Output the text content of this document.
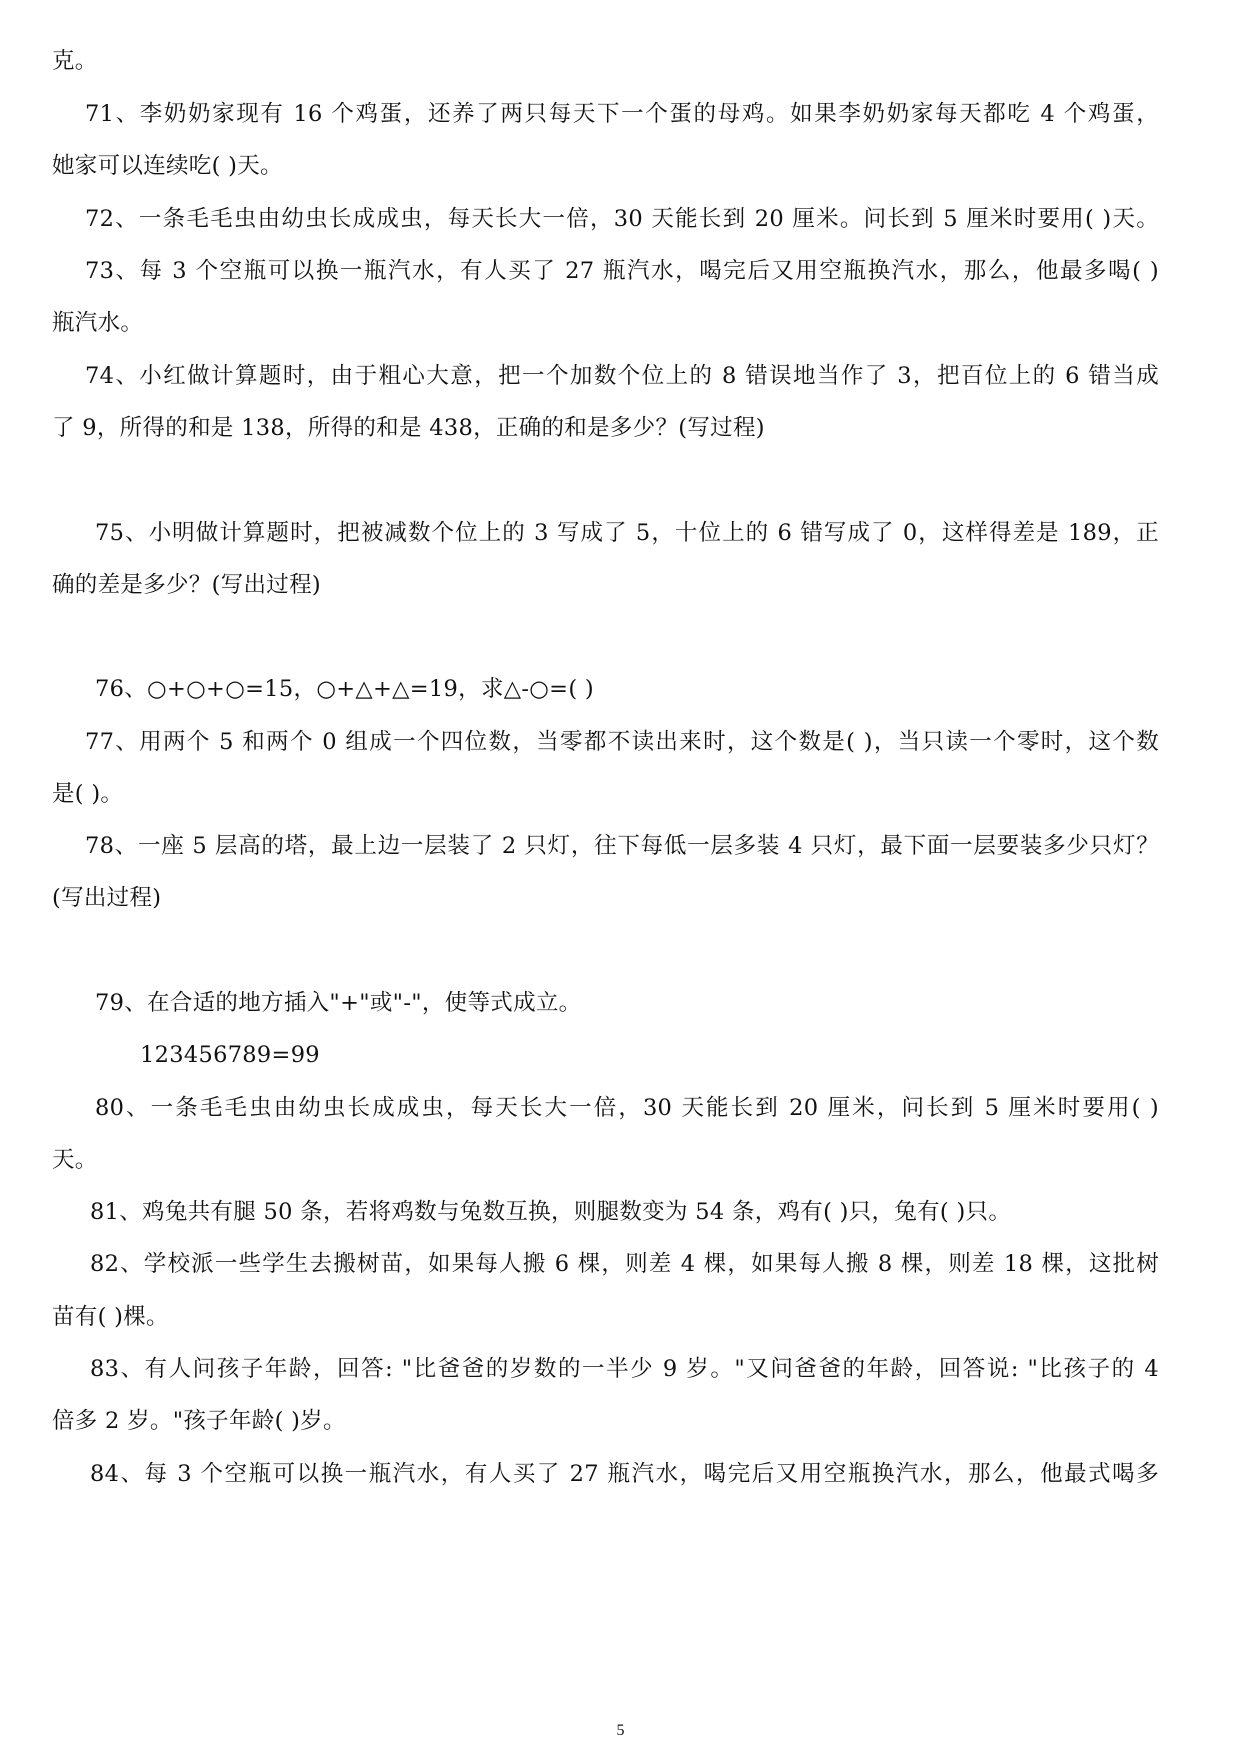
克。
71、李奶奶家现有 16 个鸡蛋，还养了两只每天下一个蛋的母鸡。如果李奶奶家每天都吃 4 个鸡蛋，
她家可以连续吃( )天。
72、一条毛毛虫由幼虫长成成虫，每天长大一倍，30 天能长到 20 厘米。问长到 5 厘米时要用( )天。
73、每 3 个空瓶可以换一瓶汽水，有人买了 27 瓶汽水，喝完后又用空瓶换汽水，那么，他最多喝( )
瓶汽水。
74、小红做计算题时，由于粗心大意，把一个加数个位上的 8 错误地当作了 3，把百位上的 6 错当成
了 9，所得的和是 138，所得的和是 438，正确的和是多少？(写过程)
75、小明做计算题时，把被减数个位上的 3 写成了 5，十位上的 6 错写成了 0，这样得差是 189，正
确的差是多少？(写出过程)
76、○+○+○=15，○+△+△=19，求△-○=( )
77、用两个 5 和两个 0 组成一个四位数，当零都不读出来时，这个数是( )，当只读一个零时，这个数
是( )。
78、一座 5 层高的塔，最上边一层装了 2 只灯，往下每低一层多装 4 只灯，最下面一层要装多少只灯？
(写出过程)
79、在合适的地方插入"+"或"-"，使等式成立。
123456789=99
80、一条毛毛虫由幼虫长成成虫，每天长大一倍，30 天能长到 20 厘米，问长到 5 厘米时要用( )
天。
81、鸡兔共有腿 50 条，若将鸡数与兔数互换，则腿数变为 54 条，鸡有( )只，兔有( )只。
82、学校派一些学生去搬树苗，如果每人搬 6 棵，则差 4 棵，如果每人搬 8 棵，则差 18 棵，这批树
苗有( )棵。
83、有人问孩子年龄，回答: "比爸爸的岁数的一半少 9 岁。"又问爸爸的年龄，回答说: "比孩子的 4
倍多 2 岁。"孩子年龄( )岁。
84、每 3 个空瓶可以换一瓶汽水，有人买了 27 瓶汽水，喝完后又用空瓶换汽水，那么，他最式喝多
5
